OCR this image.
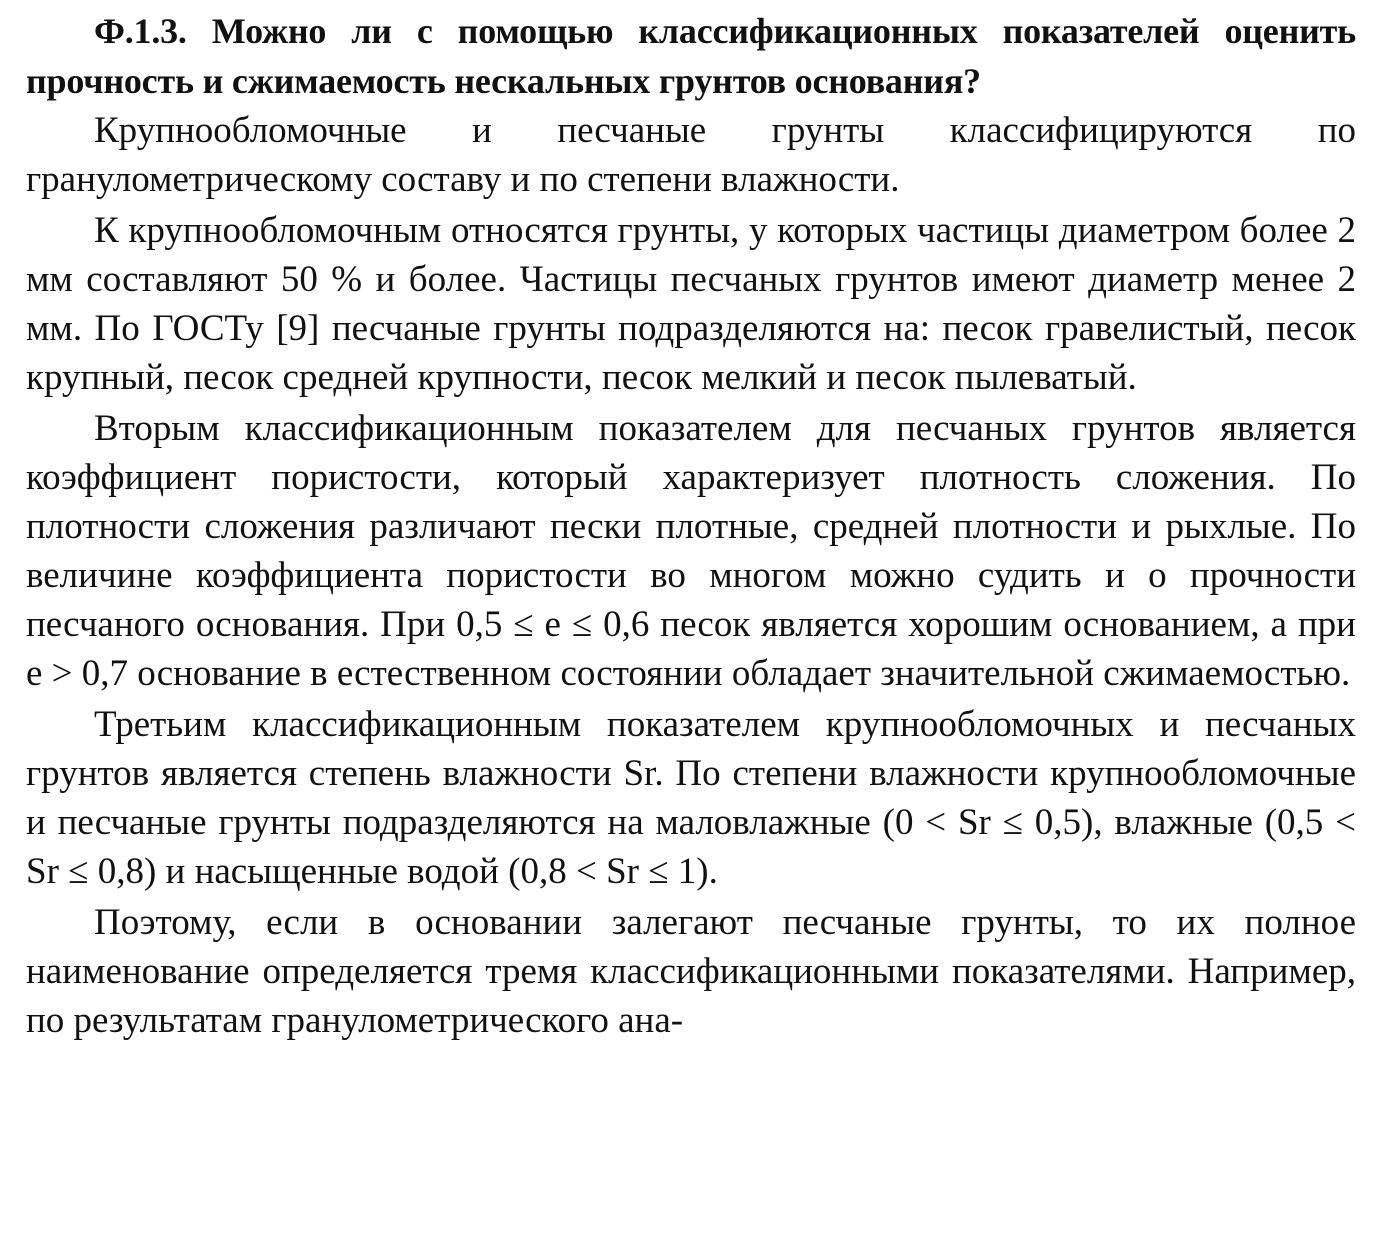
Ф.1.3. Можно ли с помощью классификационных показателей оценить прочность и сжимаемость нескальных грунтов основания?

Крупнообломочные и песчаные грунты классифицируются по гранулометрическому составу и по степени влажности.

К крупнообломочным относятся грунты, у которых частицы диаметром более 2 мм составляют 50 % и более. Частицы песчаных грунтов имеют диаметр менее 2 мм. По ГОСТу [9] песчаные грунты подразделяются на: песок гравелистый, песок крупный, песок средней крупности, песок мелкий и песок пылеватый.

Вторым классификационным показателем для песчаных грунтов является коэффициент пористости, который характеризует плотность сложения. По плотности сложения различают пески плотные, средней плотности и рыхлые. По величине коэффициента пористости во многом можно судить и о прочности песчаного основания. При 0,5 ≤ e ≤ 0,6 песок является хорошим основанием, а при e > 0,7 основание в естественном состоянии обладает значительной сжимаемостью.

Третьим классификационным показателем крупнообломочных и песчаных грунтов является степень влажности Sr. По степени влажности крупнообломочные и песчаные грунты подразделяются на маловлажные (0 < Sr ≤ 0,5), влажные (0,5 < Sr ≤ 0,8) и насыщенные водой (0,8 < Sr ≤ 1).

Поэтому, если в основании залегают песчаные грунты, то их полное наименование определяется тремя классификационными показателями. Например, по результатам гранулометрического ана-
